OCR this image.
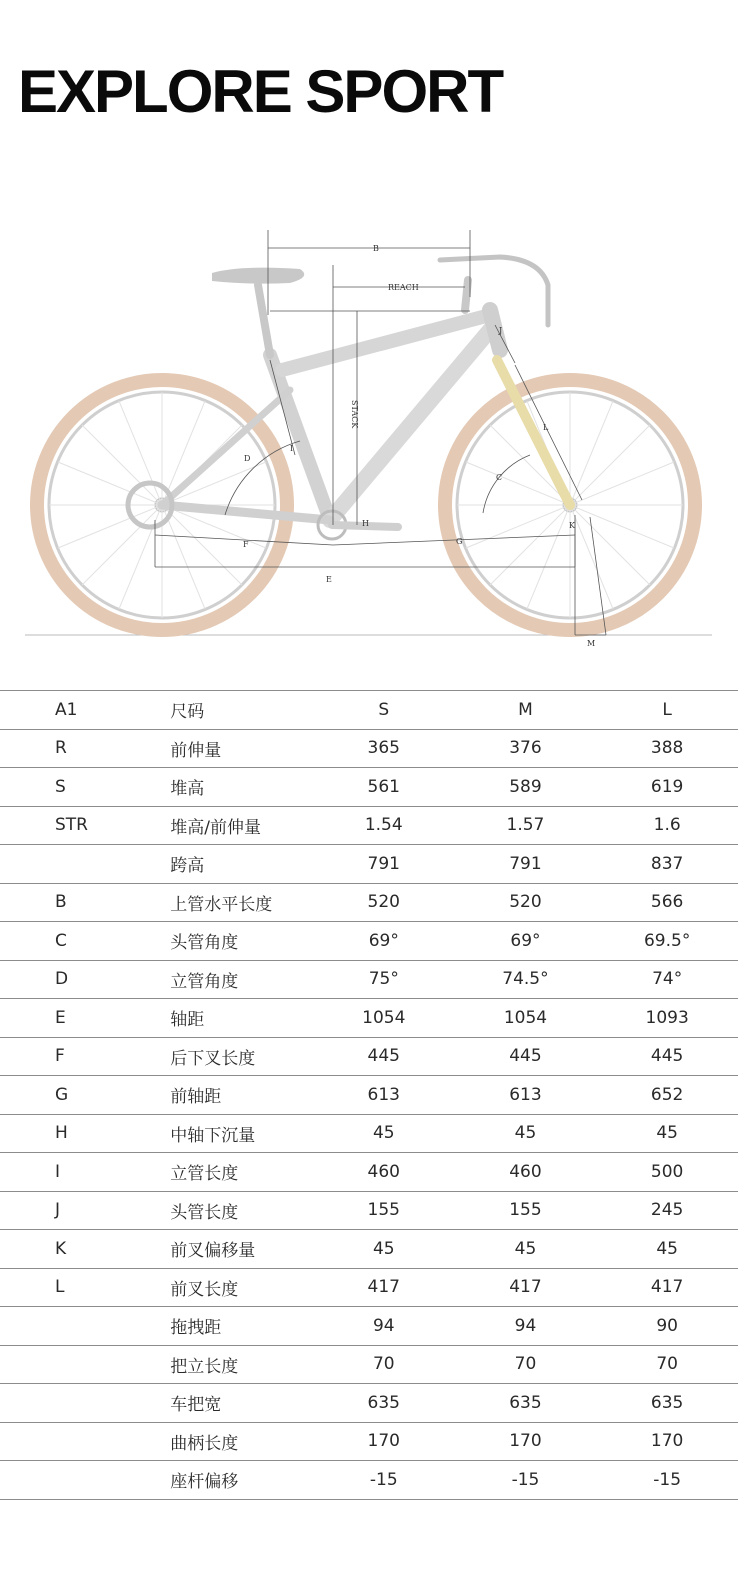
EXPLORE SPORT
B
REACH
STACK
D
C
L
F	G
E
M
K
J
I
H
A1	尺码	S	M	L
R	前伸量	365	376	388
S	堆高	561	589	619
STR	堆高/前伸量	1.54	1.57	1.6
	跨高	791	791	837
B	上管水平长度	520	520	566
C	头管角度	69°	69°	69.5°
D	立管角度	75°	74.5°	74°
E	轴距	1054	1054	1093
F	后下叉长度	445	445	445
G	前轴距	613	613	652
H	中轴下沉量	45	45	45
I	立管长度	460	460	500
J	头管长度	155	155	245
K	前叉偏移量	45	45	45
L	前叉长度	417	417	417
	拖拽距	94	94	90
	把立长度	70	70	70
	车把宽	635	635	635
	曲柄长度	170	170	170
	座杆偏移	-15	-15	-15
